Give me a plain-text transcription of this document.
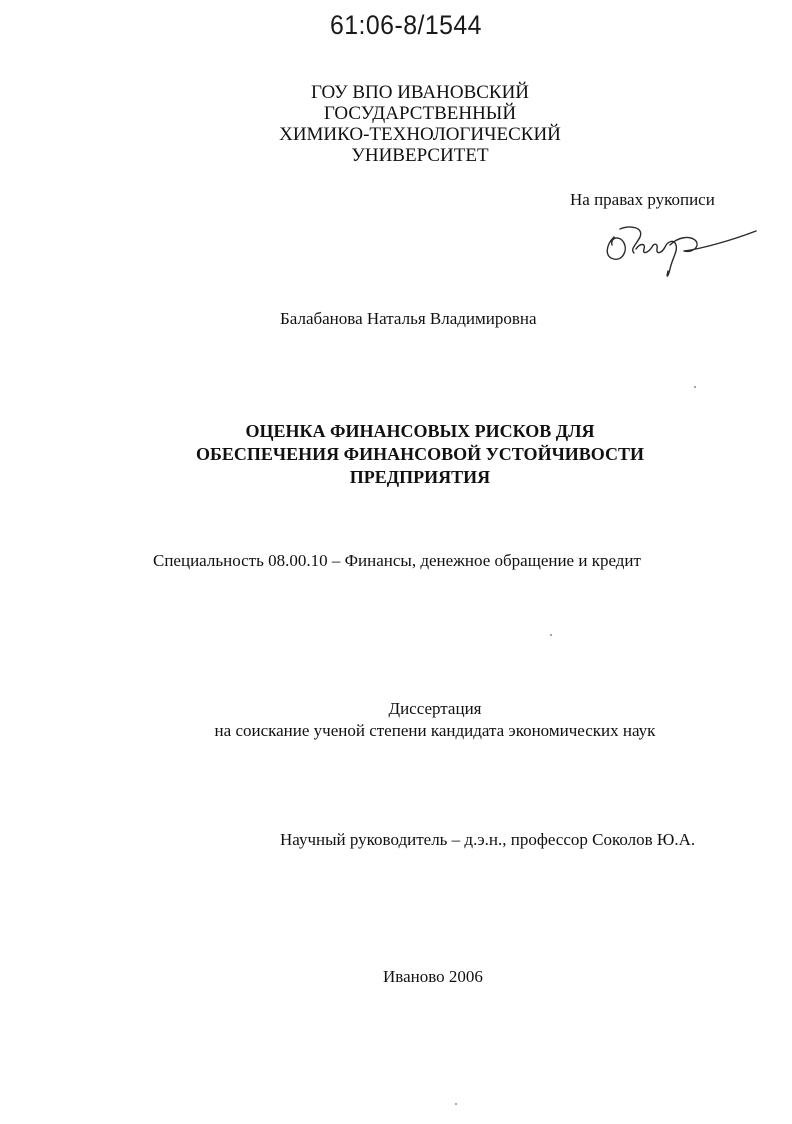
61:06-8/1544
ГОУ ВПО ИВАНОВСКИЙ ГОСУДАРСТВЕННЫЙ
ХИМИКО-ТЕХНОЛОГИЧЕСКИЙ
УНИВЕРСИТЕТ
На правах рукописи
Балабанова Наталья Владимировна
ОЦЕНКА ФИНАНСОВЫХ РИСКОВ ДЛЯ
ОБЕСПЕЧЕНИЯ ФИНАНСОВОЙ УСТОЙЧИВОСТИ
ПРЕДПРИЯТИЯ
Специальность 08.00.10 – Финансы, денежное обращение и кредит
Диссертация
на соискание ученой степени кандидата экономических наук
Научный руководитель – д.э.н., профессор Соколов Ю.А.
Иваново 2006
